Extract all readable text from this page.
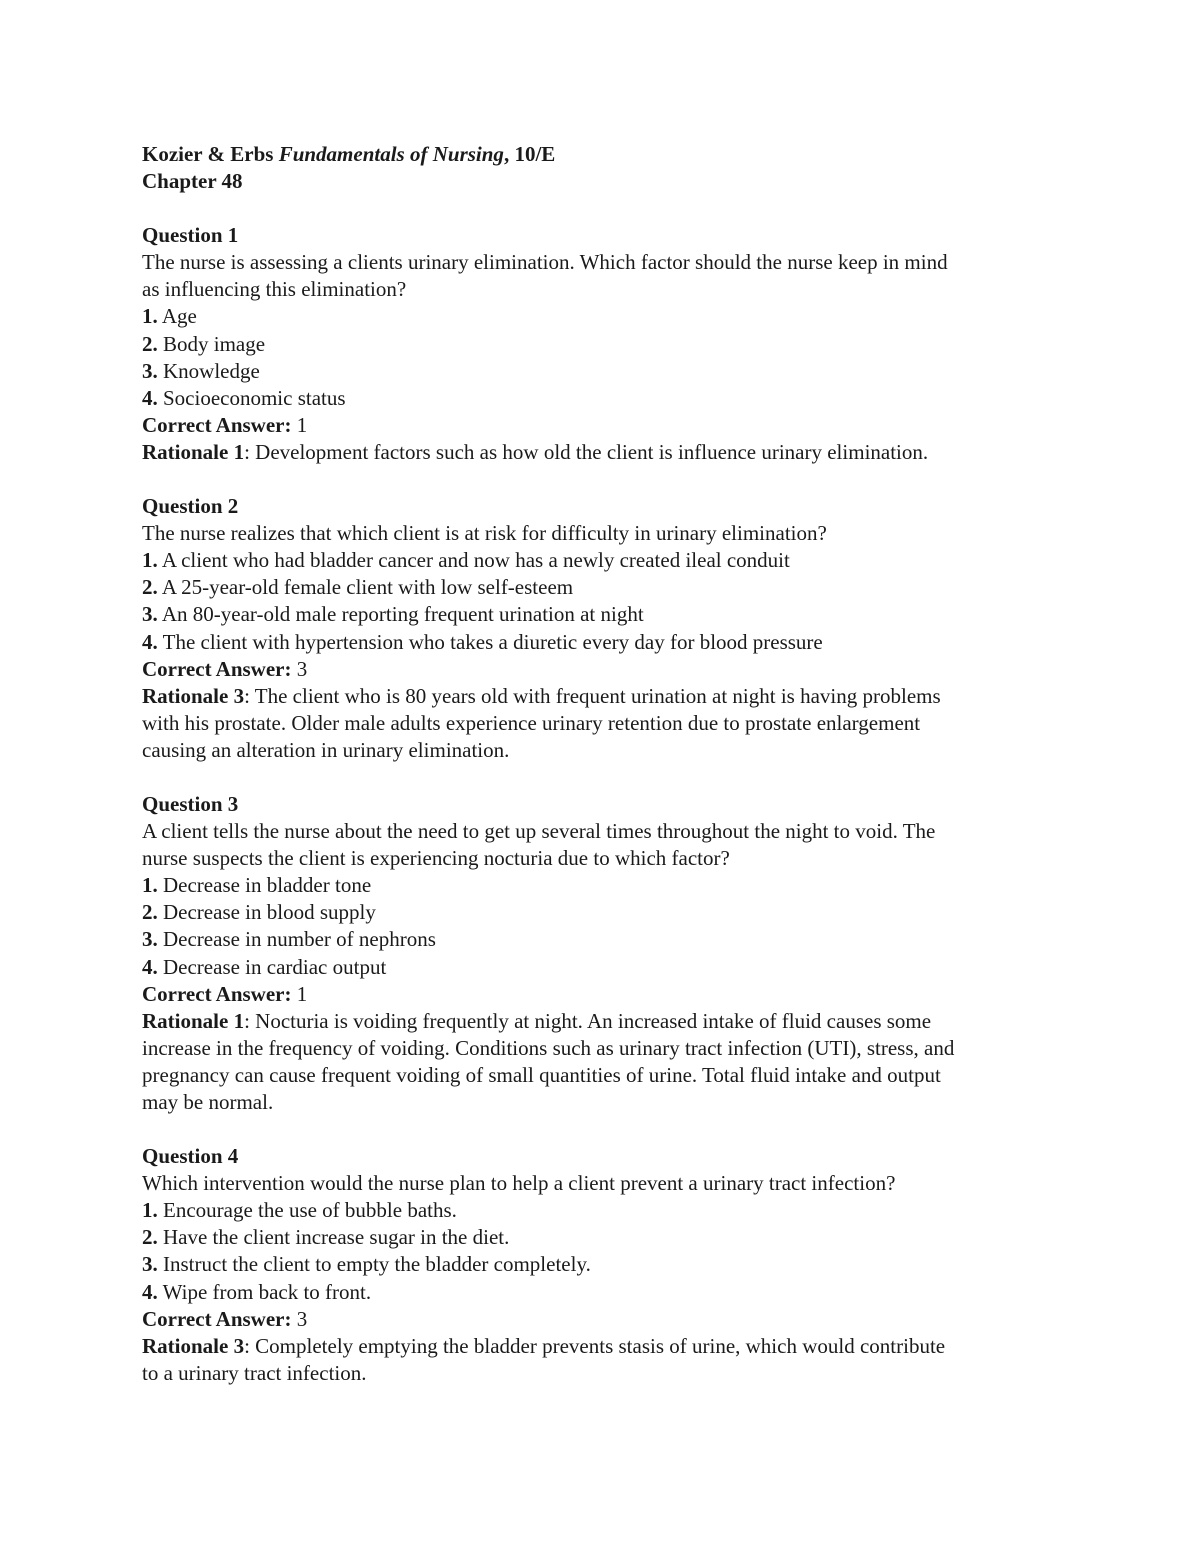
Kozier & Erbs Fundamentals of Nursing, 10/E
Chapter 48
Question 1
The nurse is assessing a clients urinary elimination. Which factor should the nurse keep in mind
as influencing this elimination?
1. Age
2. Body image
3. Knowledge
4. Socioeconomic status
Correct Answer: 1
Rationale 1: Development factors such as how old the client is influence urinary elimination.
Question 2
The nurse realizes that which client is at risk for difficulty in urinary elimination?
1. A client who had bladder cancer and now has a newly created ileal conduit
2. A 25-year-old female client with low self-esteem
3. An 80-year-old male reporting frequent urination at night
4. The client with hypertension who takes a diuretic every day for blood pressure
Correct Answer: 3
Rationale 3: The client who is 80 years old with frequent urination at night is having problems
with his prostate. Older male adults experience urinary retention due to prostate enlargement
causing an alteration in urinary elimination.
Question 3
A client tells the nurse about the need to get up several times throughout the night to void. The
nurse suspects the client is experiencing nocturia due to which factor?
1. Decrease in bladder tone
2. Decrease in blood supply
3. Decrease in number of nephrons
4. Decrease in cardiac output
Correct Answer: 1
Rationale 1: Nocturia is voiding frequently at night. An increased intake of fluid causes some
increase in the frequency of voiding. Conditions such as urinary tract infection (UTI), stress, and
pregnancy can cause frequent voiding of small quantities of urine. Total fluid intake and output
may be normal.
Question 4
Which intervention would the nurse plan to help a client prevent a urinary tract infection?
1. Encourage the use of bubble baths.
2. Have the client increase sugar in the diet.
3. Instruct the client to empty the bladder completely.
4. Wipe from back to front.
Correct Answer: 3
Rationale 3: Completely emptying the bladder prevents stasis of urine, which would contribute
to a urinary tract infection.
